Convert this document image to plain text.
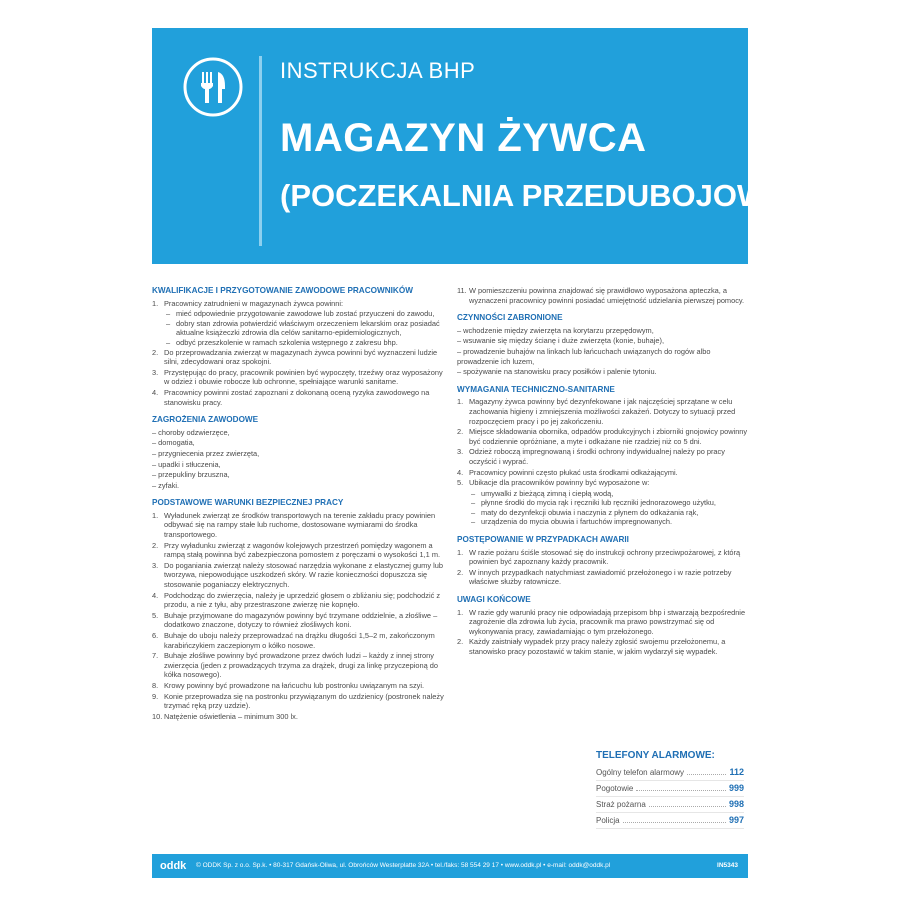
INSTRUKCJA BHP
MAGAZYN ŻYWCA
(POCZEKALNIA PRZEDUBOJOWA)
KWALIFIKACJE I PRZYGOTOWANIE ZAWODOWE PRACOWNIKÓW
1. Pracownicy zatrudnieni w magazynach żywca powinni:
– mieć odpowiednie przygotowanie zawodowe lub zostać przyuczeni do zawodu,
– dobry stan zdrowia potwierdzić właściwym orzeczeniem lekarskim oraz posiadać aktualne książeczki zdrowia dla celów sanitarno-epidemiologicznych,
– odbyć przeszkolenie w ramach szkolenia wstępnego z zakresu bhp.
2. Do przeprowadzania zwierząt w magazynach żywca powinni być wyznaczeni ludzie silni, zdecydowani oraz spokojni.
3. Przystępując do pracy, pracownik powinien być wypoczęty, trzeźwy oraz wyposażony w odzież i obuwie robocze lub ochronne, spełniające warunki sanitarne.
4. Pracownicy powinni zostać zapoznani z dokonaną oceną ryzyka zawodowego na stanowisku pracy.
ZAGROŻENIA ZAWODOWE
– choroby odzwierzęce,
– domogatia,
– przygniecenia przez zwierzęta,
– upadki i stłuczenia,
– przepukliny brzuszna,
– zyfaki.
PODSTAWOWE WARUNKI BEZPIECZNEJ PRACY
1. Wyładunek zwierząt ze środków transportowych na terenie zakładu pracy powinien odbywać się na rampy stałe lub ruchome, dostosowane wymiarami do środka transportowego.
2. Przy wyładunku zwierząt z wagonów kolejowych przestrzeń pomiędzy wagonem a rampą stałą powinna być zabezpieczona pomostem z poręczami o wysokości 1,1 m.
3. Do poganiania zwierząt należy stosować narzędzia wykonane z elastycznej gumy lub tworzywa, niepowodujące uszkodzeń skóry. W razie konieczności dopuszcza się stosowanie poganiaczy elektrycznych.
4. Podchodząc do zwierzęcia, należy je uprzedzić głosem o zbliżaniu się; podchodzić z przodu, a nie z tyłu, aby przestraszone zwierzę nie kopnęło.
5. Buhaje przyjmowane do magazynów powinny być trzymane oddzielnie, a złośliwe – dodatkowo znaczone, dotyczy to również złośliwych koni.
6. Buhaje do uboju należy przeprowadzać na drążku długości 1,5–2 m, zakończonym karabińczykiem zaczepionym o kółko nosowe.
7. Buhaje złośliwe powinny być prowadzone przez dwóch ludzi – każdy z innej strony zwierzęcia (jeden z prowadzących trzyma za drążek, drugi za linkę przyczepioną do kółka nosowego).
8. Krowy powinny być prowadzone na łańcuchu lub postronku uwiązanym na szyi.
9. Konie przeprowadza się na postronku przywiązanym do uzdzienicy (postronek należy trzymać ręką przy uzdzie).
10. Natężenie oświetlenia – minimum 300 lx.
11. W pomieszczeniu powinna znajdować się prawidłowo wyposażona apteczka, a wyznaczeni pracownicy powinni posiadać umiejętność udzielania pierwszej pomocy.
CZYNNOŚCI ZABRONIONE
– wchodzenie między zwierzęta na korytarzu przepędowym,
– wsuwanie się między ścianę i duże zwierzęta (konie, buhaje),
– prowadzenie buhajów na linkach lub łańcuchach uwiązanych do rogów albo prowadzenie ich luzem,
– spożywanie na stanowisku pracy posiłków i palenie tytoniu.
WYMAGANIA TECHNICZNO-SANITARNE
1. Magazyny żywca powinny być dezynfekowane i jak najczęściej sprzątane w celu zachowania higieny i zmniejszenia możliwości zakażeń. Dotyczy to sytuacji przed rozpoczęciem pracy i po jej zakończeniu.
2. Miejsce składowania obornika, odpadów produkcyjnych i zbiorniki gnojowicy powinny być codziennie opróżniane, a myte i odkażane nie rzadziej niż co 5 dni.
3. Odzież roboczą impregnowaną i środki ochrony indywidualnej należy po pracy oczyścić i wyprać.
4. Pracownicy powinni często płukać usta środkami odkażającymi.
5. Ubikacje dla pracowników powinny być wyposażone w:
– umywalki z bieżącą zimną i ciepłą wodą,
– płynne środki do mycia rąk i ręczniki lub ręczniki jednorazowego użytku,
– maty do dezynfekcji obuwia i naczynia z płynem do odkażania rąk,
– urządzenia do mycia obuwia i fartuchów impregnowanych.
POSTĘPOWANIE W PRZYPADKACH AWARII
1. W razie pożaru ściśle stosować się do instrukcji ochrony przeciwpożarowej, z którą powinien być zapoznany każdy pracownik.
2. W innych przypadkach natychmiast zawiadomić przełożonego i w razie potrzeby właściwe służby ratownicze.
UWAGI KOŃCOWE
1. W razie gdy warunki pracy nie odpowiadają przepisom bhp i stwarzają bezpośrednie zagrożenie dla zdrowia lub życia, pracownik ma prawo powstrzymać się od wykonywania pracy, zawiadamiając o tym przełożonego.
2. Każdy zaistniały wypadek przy pracy należy zgłosić swojemu przełożonemu, a stanowisko pracy pozostawić w takim stanie, w jakim wydarzył się wypadek.
TELEFONY ALARMOWE:
Ogólny telefon alarmowy	112
Pogotowie	999
Straż pożarna	998
Policja	997
oddk © ODDK Sp. z o.o. Sp.k. • 80-317 Gdańsk-Oliwa, ul. Obrońców Westerplatte 32A • tel./faks: 58 554 29 17 • www.oddk.pl • e-mail: oddk@oddk.pl	IN5343
